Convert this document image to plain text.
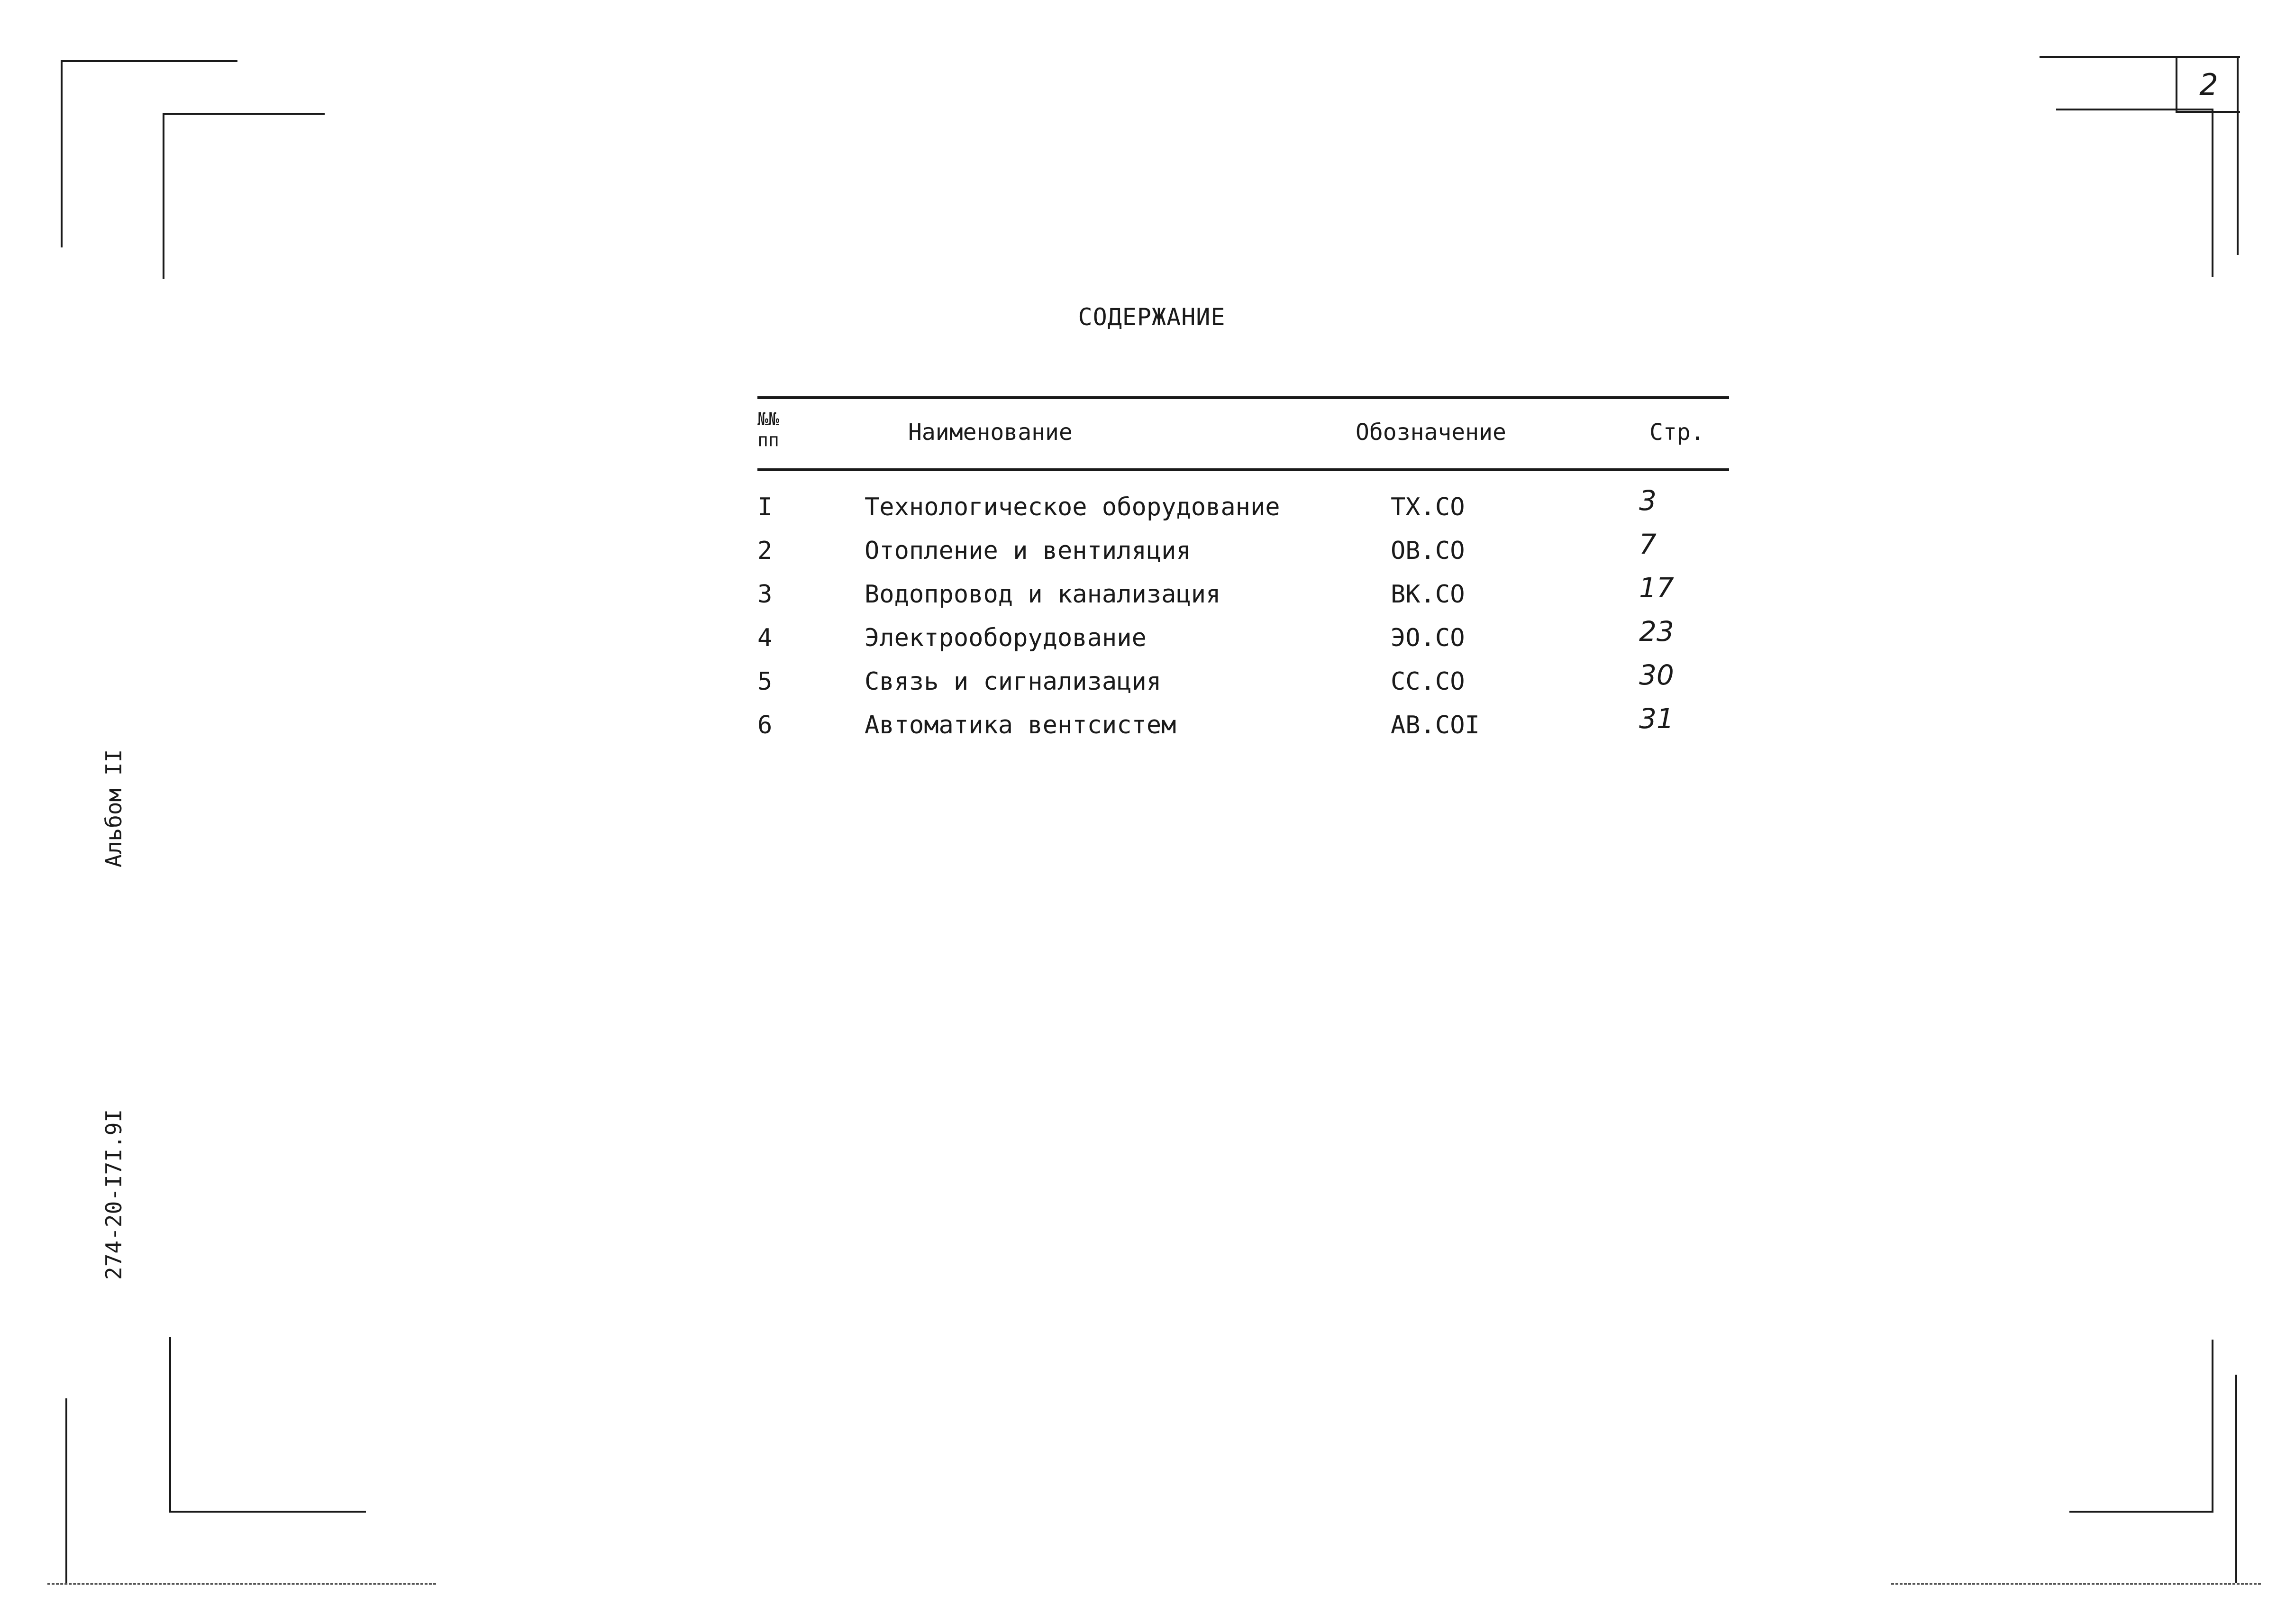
2
СОДЕРЖАНИЕ
№№
пп	Наименование	Обозначение	Стр.
I	Технологическое оборудование	ТХ.СО	3
2	Отопление и вентиляция	ОВ.СО	7
3	Водопровод и канализация	ВК.СО	17
4	Электрооборудование	ЭО.СО	23
5	Связь и сигнализация	СС.СО	30
6	Автоматика вентсистем	АВ.СОI	31
274-20-I7I.9IАльбом II
